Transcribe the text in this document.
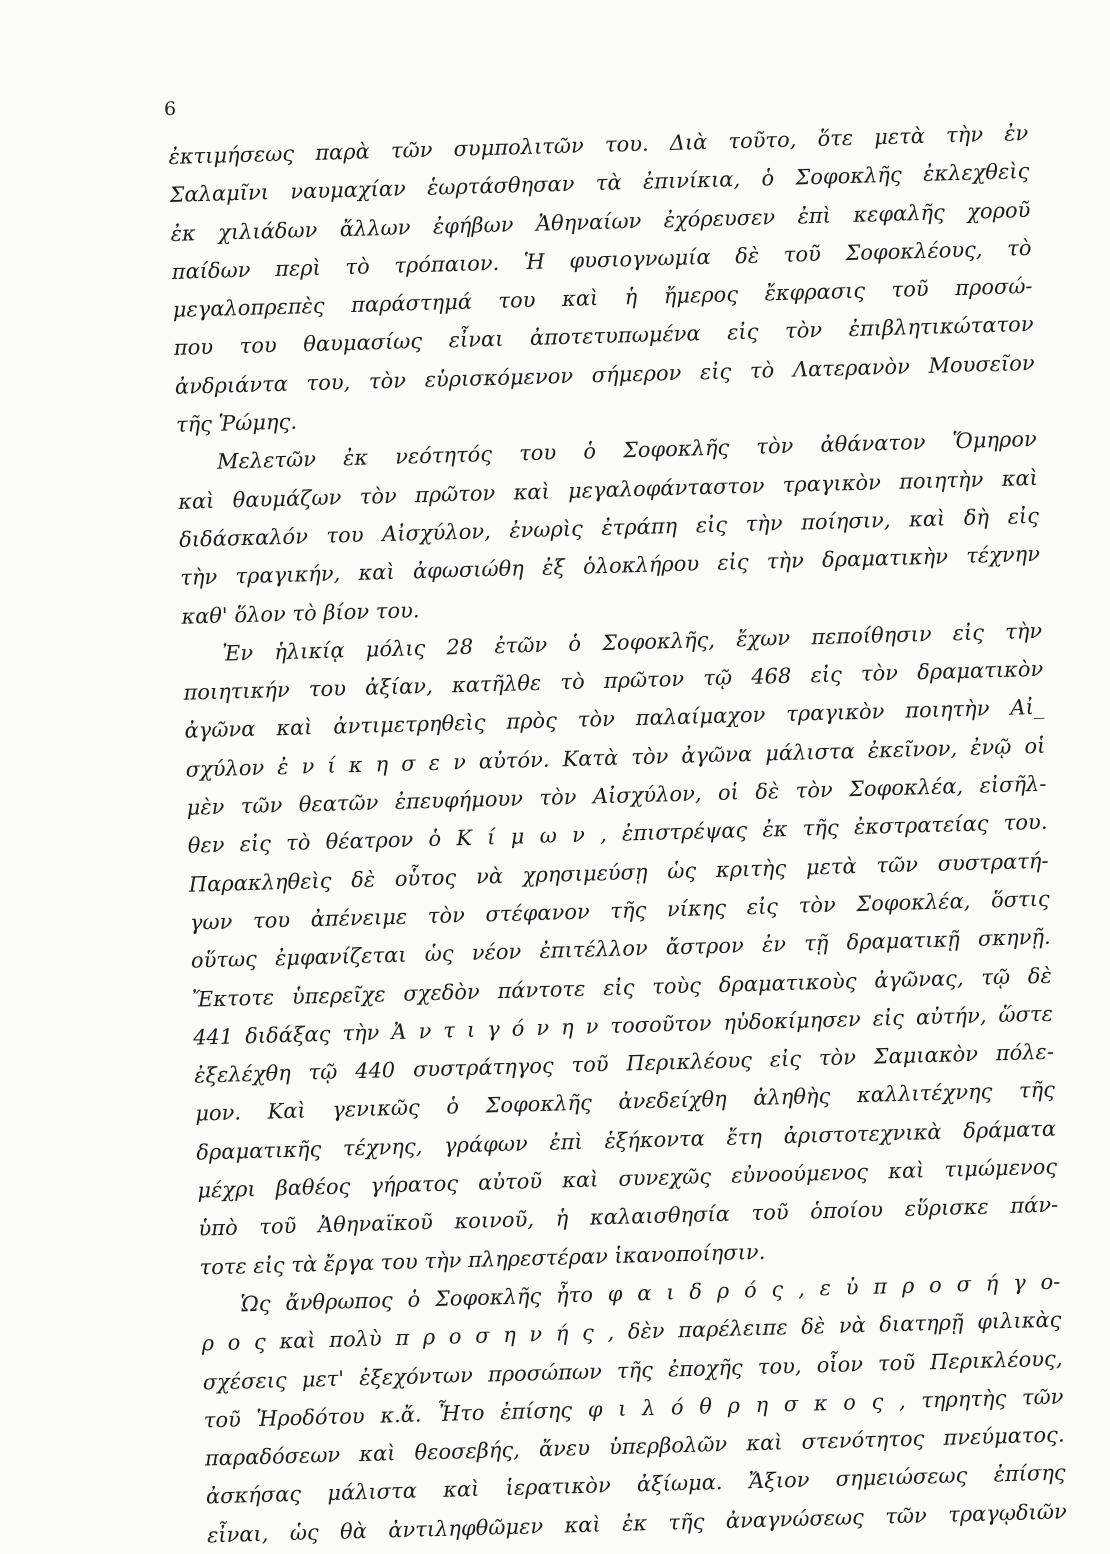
6
ἐκτιμήσεως παρὰ τῶν συμπολιτῶν του. Διὰ τοῦτο, ὅτε μετὰ τὴν ἐν
Σαλαμῖνι ναυμαχίαν ἑωρτάσθησαν τὰ ἐπινίκια, ὁ Σοφοκλῆς ἐκλεχθεὶς
ἐκ χιλιάδων ἄλλων ἐφήβων Ἀθηναίων ἐχόρευσεν ἐπὶ κεφαλῆς χοροῦ
παίδων περὶ τὸ τρόπαιον. Ἡ φυσιογνωμία δὲ τοῦ Σοφοκλέους, τὸ
μεγαλοπρεπὲς παράστημά του καὶ ἡ ἤμερος ἔκφρασις τοῦ προσώ-
που του θαυμασίως εἶναι ἀποτετυπωμένα εἰς τὸν ἐπιβλητικώτατον
ἀνδριάντα του, τὸν εὑρισκόμενον σήμερον εἰς τὸ Λατερανὸν Μουσεῖον
τῆς Ῥώμης.
Μελετῶν ἐκ νεότητός του ὁ Σοφοκλῆς τὸν ἀθάνατον Ὅμηρον
καὶ θαυμάζων τὸν πρῶτον καὶ μεγαλοφάνταστον τραγικὸν ποιητὴν καὶ
διδάσκαλόν του Αἰσχύλον, ἐνωρὶς ἐτράπη εἰς τὴν ποίησιν, καὶ δὴ εἰς
τὴν τραγικήν, καὶ ἀφωσιώθη ἐξ ὁλοκλήρου εἰς τὴν δραματικὴν τέχνην
καθ' ὅλον τὸ βίον του.
Ἐν ἡλικίᾳ μόλις 28 ἐτῶν ὁ Σοφοκλῆς, ἔχων πεποίθησιν εἰς τὴν
ποιητικήν του ἀξίαν, κατῆλθε τὸ πρῶτον τῷ 468 εἰς τὸν δραματικὸν
ἀγῶνα καὶ ἀντιμετρηθεὶς πρὸς τὸν παλαίμαχον τραγικὸν ποιητὴν Αἰ_
σχύλον ἐ ν ί κ η σ ε ν αὐτόν. Κατὰ τὸν ἀγῶνα μάλιστα ἐκεῖνον, ἐνῷ οἱ
μὲν τῶν θεατῶν ἐπευφήμουν τὸν Αἰσχύλον, οἱ δὲ τὸν Σοφοκλέα, εἰσῆλ-
θεν εἰς τὸ θέατρον ὁ Κ ί μ ω ν , ἐπιστρέψας ἐκ τῆς ἐκστρατείας του.
Παρακληθεὶς δὲ οὗτος νὰ χρησιμεύσῃ ὡς κριτὴς μετὰ τῶν συστρατή-
γων του ἀπένειμε τὸν στέφανον τῆς νίκης εἰς τὸν Σοφοκλέα, ὅστις
οὕτως ἐμφανίζεται ὡς νέον ἐπιτέλλον ἄστρον ἐν τῇ δραματικῇ σκηνῇ.
Ἔκτοτε ὑπερεῖχε σχεδὸν πάντοτε εἰς τοὺς δραματικοὺς ἀγῶνας, τῷ δὲ
441 διδάξας τὴν Ἀ ν τ ι γ ό ν η ν τοσοῦτον ηὐδοκίμησεν εἰς αὐτήν, ὥστε
ἐξελέχθη τῷ 440 συστράτηγος τοῦ Περικλέους εἰς τὸν Σαμιακὸν πόλε-
μον. Καὶ γενικῶς ὁ Σοφοκλῆς ἀνεδείχθη ἀληθὴς καλλιτέχνης τῆς
δραματικῆς τέχνης, γράφων ἐπὶ ἑξήκοντα ἔτη ἀριστοτεχνικὰ δράματα
μέχρι βαθέος γήρατος αὐτοῦ καὶ συνεχῶς εὐνοούμενος καὶ τιμώμενος
ὑπὸ τοῦ Ἀθηναϊκοῦ κοινοῦ, ἡ καλαισθησία τοῦ ὁποίου εὕρισκε πάν-
τοτε εἰς τὰ ἔργα του τὴν πληρεστέραν ἱκανοποίησιν.
Ὡς ἄνθρωπος ὁ Σοφοκλῆς ἦτο φ α ι δ ρ ό ς , ε ὐ π ρ ο σ ή γ ο-
ρ ο ς καὶ πολὺ π ρ ο σ η ν ή ς , δὲν παρέλειπε δὲ νὰ διατηρῇ φιλικὰς
σχέσεις μετ' ἐξεχόντων προσώπων τῆς ἐποχῆς του, οἷον τοῦ Περικλέους,
τοῦ Ἡροδότου κ.ἄ. Ἦτο ἐπίσης φ ι λ ό θ ρ η σ κ ο ς , τηρητὴς τῶν
παραδόσεων καὶ θεοσεβής, ἄνευ ὑπερβολῶν καὶ στενότητος πνεύματος.
ἀσκήσας μάλιστα καὶ ἱερατικὸν ἀξίωμα. Ἄξιον σημειώσεως ἐπίσης
εἶναι, ὡς θὰ ἀντιληφθῶμεν καὶ ἐκ τῆς ἀναγνώσεως τῶν τραγῳδιῶν
